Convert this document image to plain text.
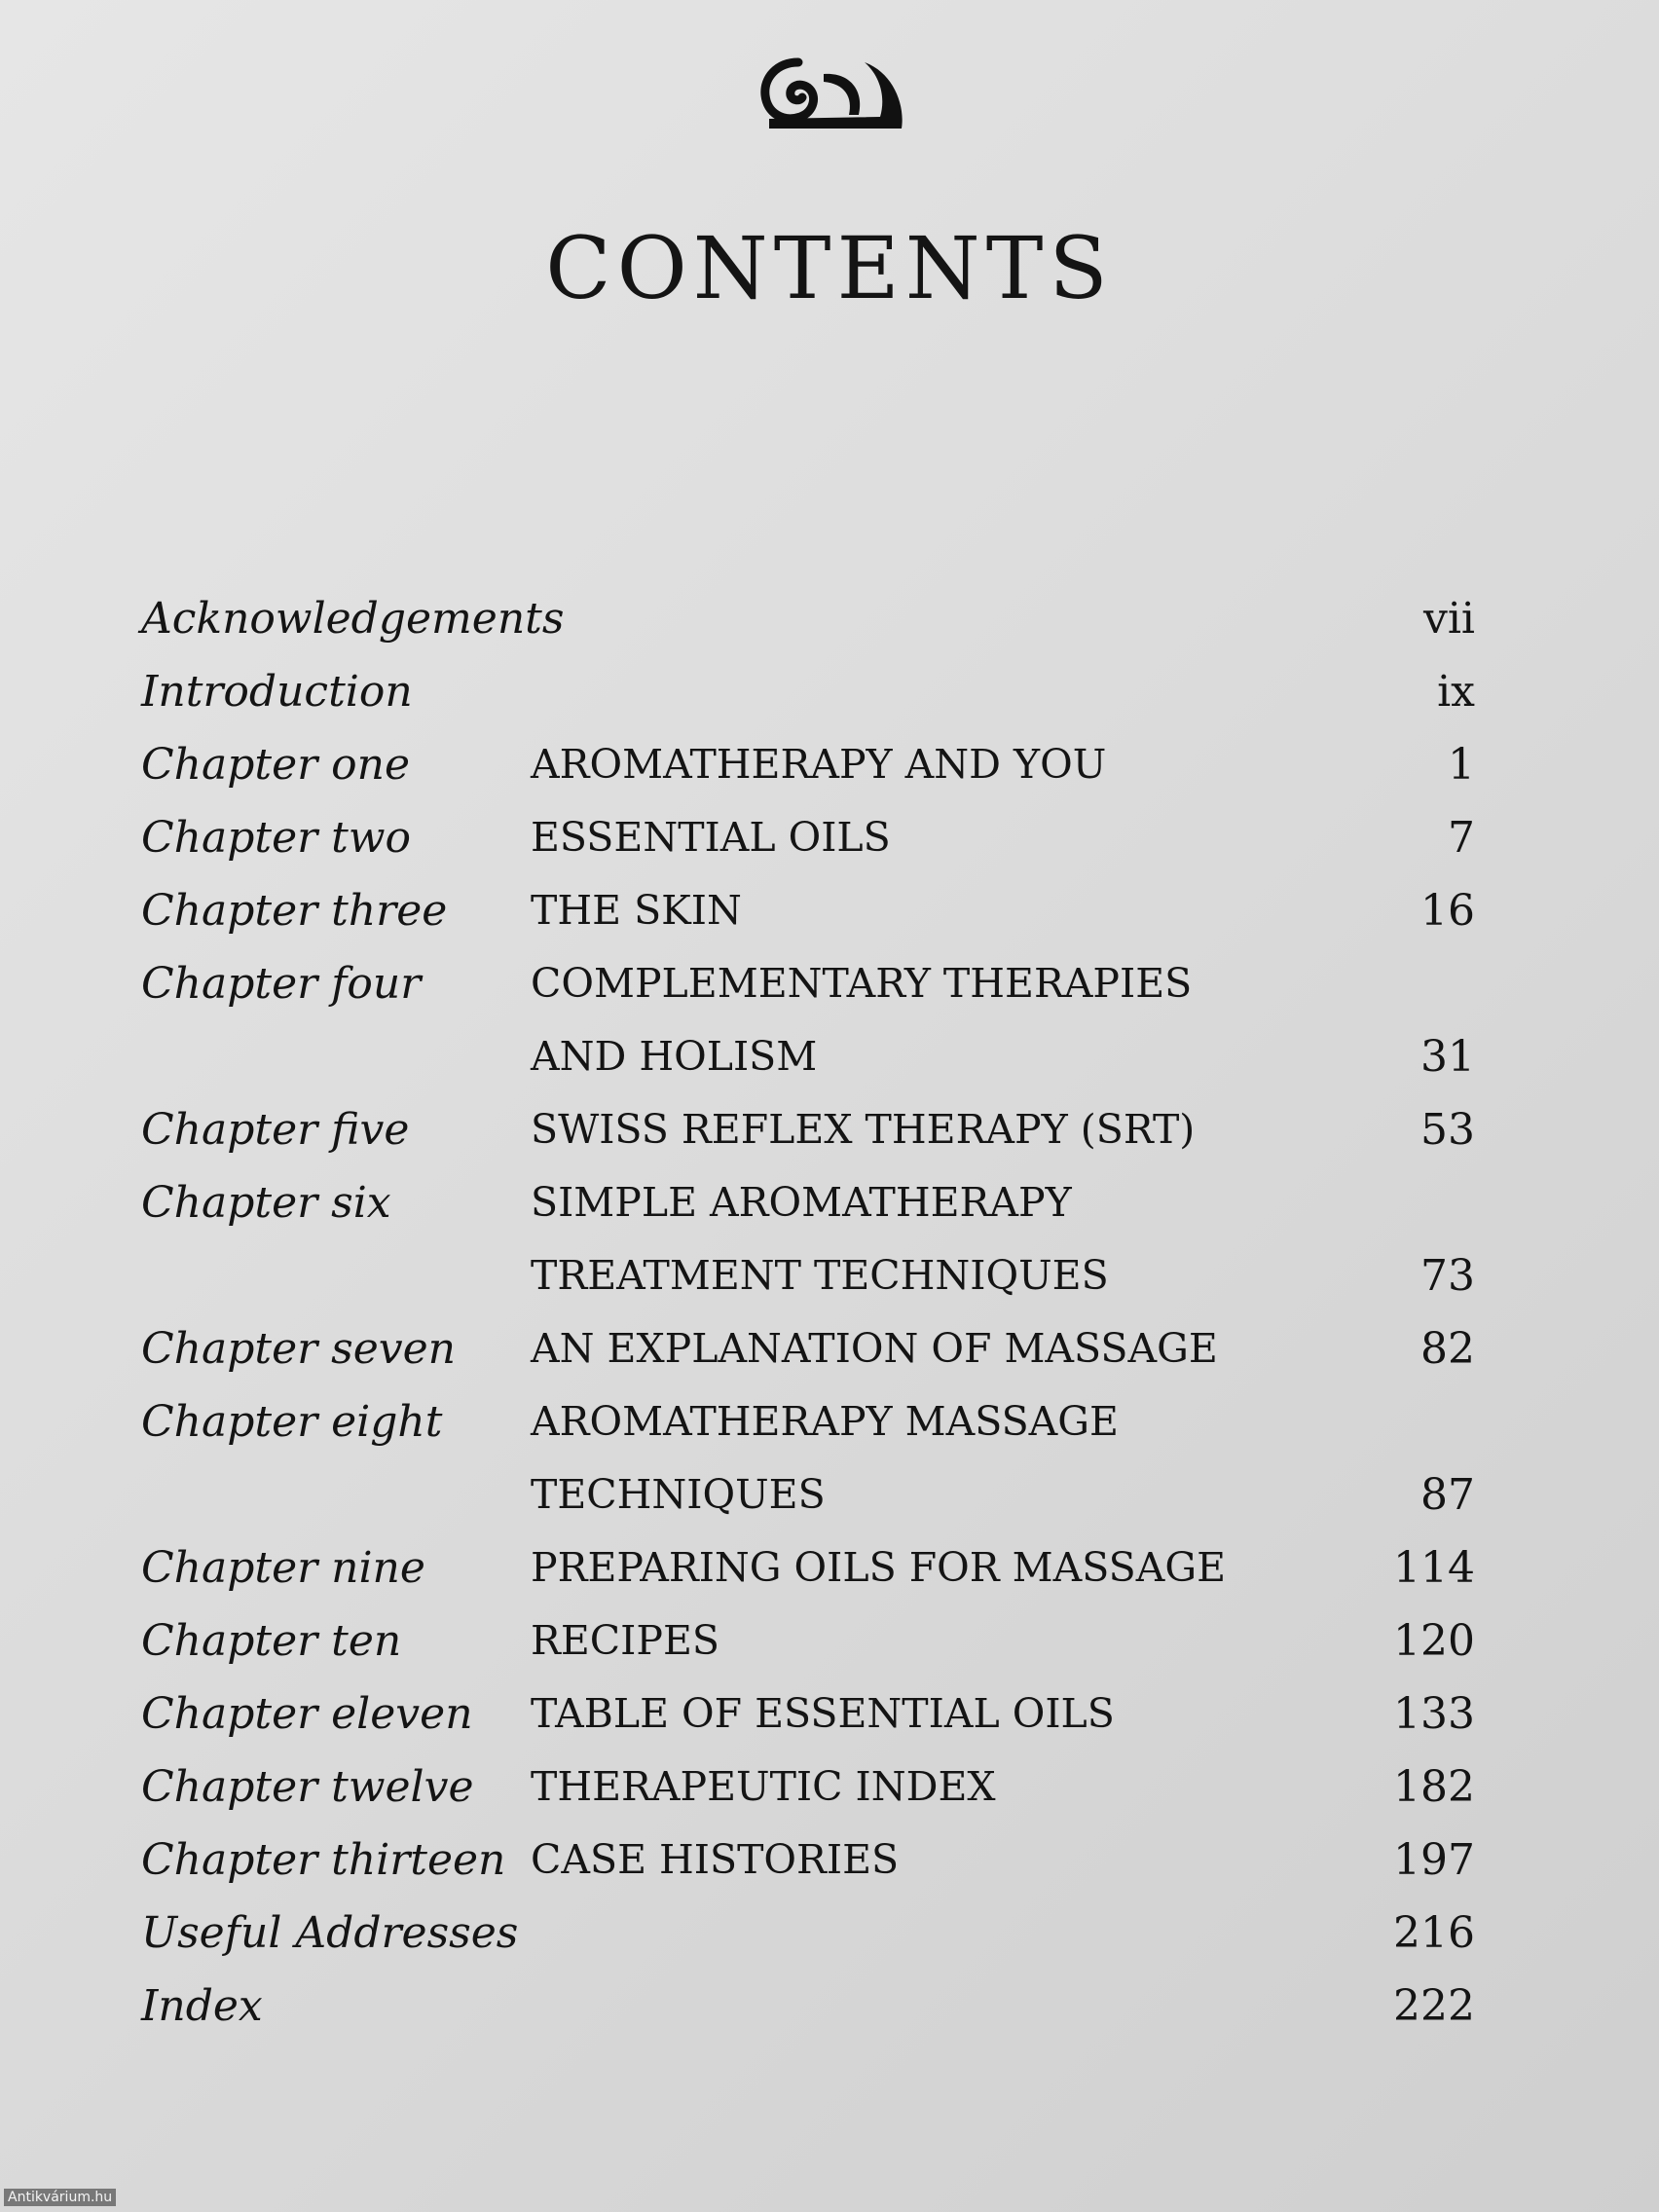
CONTENTS
Acknowledgements	vii
Introduction	ix
Chapter one	AROMATHERAPY AND YOU	1
Chapter two	ESSENTIAL OILS	7
Chapter three THE SKIN	16
Chapter four	COMPLEMENTARY THERAPIES
AND HOLISM	31
Chapter five	SWISS REFLEX THERAPY (SRT)	53
Chapter six	SIMPLE AROMATHERAPY
TREATMENT TECHNIQUES	73
Chapter seven AN EXPLANATION OF MASSAGE	82
Chapter eight AROMATHERAPY MASSAGE
TECHNIQUES	87
Chapter nine	PREPARING OILS FOR MASSAGE	114
Chapter ten	RECIPES	120
Chapter eleven TABLE OF ESSENTIAL OILS	133
Chapter twelve THERAPEUTIC INDEX	182
Chapter thirteen CASE HISTORIES	197
Useful Addresses	216
Index	222
Antikvárium.hu
